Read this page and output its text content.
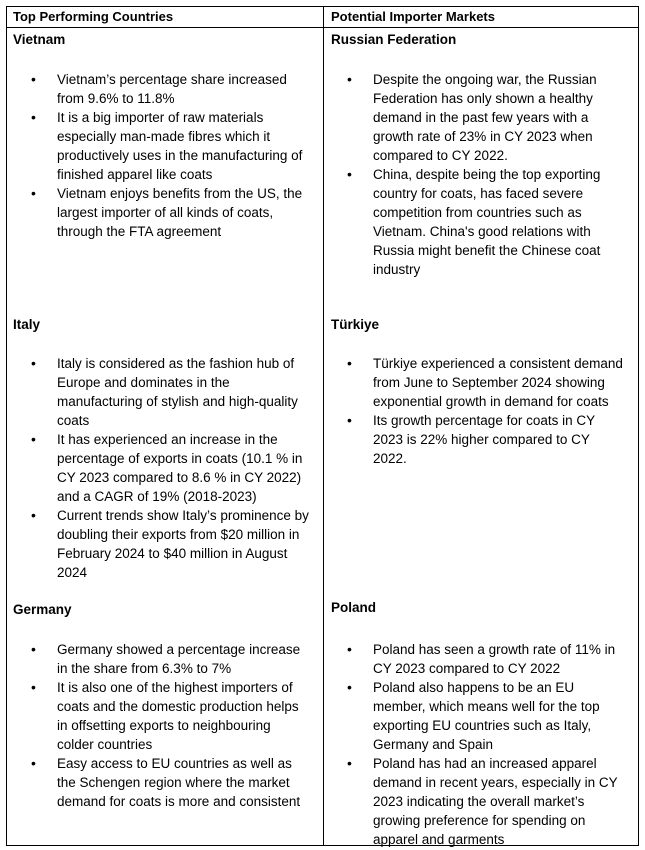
Top Performing Countries	Potential Importer Markets
Vietnam
• Vietnam’s percentage share increased from 9.6% to 11.8%
• It is a big importer of raw materials especially man-made fibres which it productively uses in the manufacturing of finished apparel like coats
• Vietnam enjoys benefits from the US, the largest importer of all kinds of coats, through the FTA agreement
Italy
• Italy is considered as the fashion hub of Europe and dominates in the manufacturing of stylish and high-quality coats
• It has experienced an increase in the percentage of exports in coats (10.1 % in CY 2023 compared to 8.6 % in CY 2022) and a CAGR of 19% (2018-2023)
• Current trends show Italy’s prominence by doubling their exports from $20 million in February 2024 to $40 million in August 2024
Germany
• Germany showed a percentage increase in the share from 6.3% to 7%
• It is also one of the highest importers of coats and the domestic production helps in offsetting exports to neighbouring colder countries
• Easy access to EU countries as well as the Schengen region where the market demand for coats is more and consistent
Russian Federation
• Despite the ongoing war, the Russian Federation has only shown a healthy demand in the past few years with a growth rate of 23% in CY 2023 when compared to CY 2022.
• China, despite being the top exporting country for coats, has faced severe competition from countries such as Vietnam. China's good relations with Russia might benefit the Chinese coat industry
Türkiye
• Türkiye experienced a consistent demand from June to September 2024 showing exponential growth in demand for coats
• Its growth percentage for coats in CY 2023 is 22% higher compared to CY 2022.
Poland
• Poland has seen a growth rate of 11% in CY 2023 compared to CY 2022
• Poland also happens to be an EU member, which means well for the top exporting EU countries such as Italy, Germany and Spain
• Poland has had an increased apparel demand in recent years, especially in CY 2023 indicating the overall market’s growing preference for spending on apparel and garments
